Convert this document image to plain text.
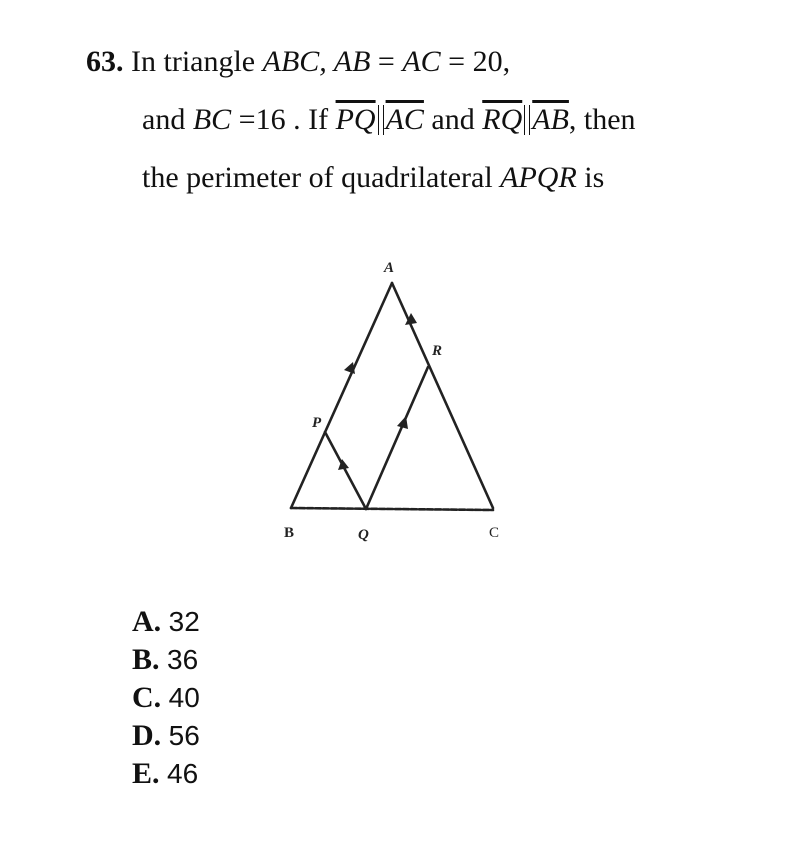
63. In triangle ABC, AB = AC = 20,
and BC =16 . If $\overline{PQ}$ $\overline{AC}$ and $\overline{RQ}$ $\overline{AB}$, then
the perimeter of quadrilateral APQR is
A
R
P
B	Q	C
A. 32
B. 36
C. 40
D. 56
E. 46
